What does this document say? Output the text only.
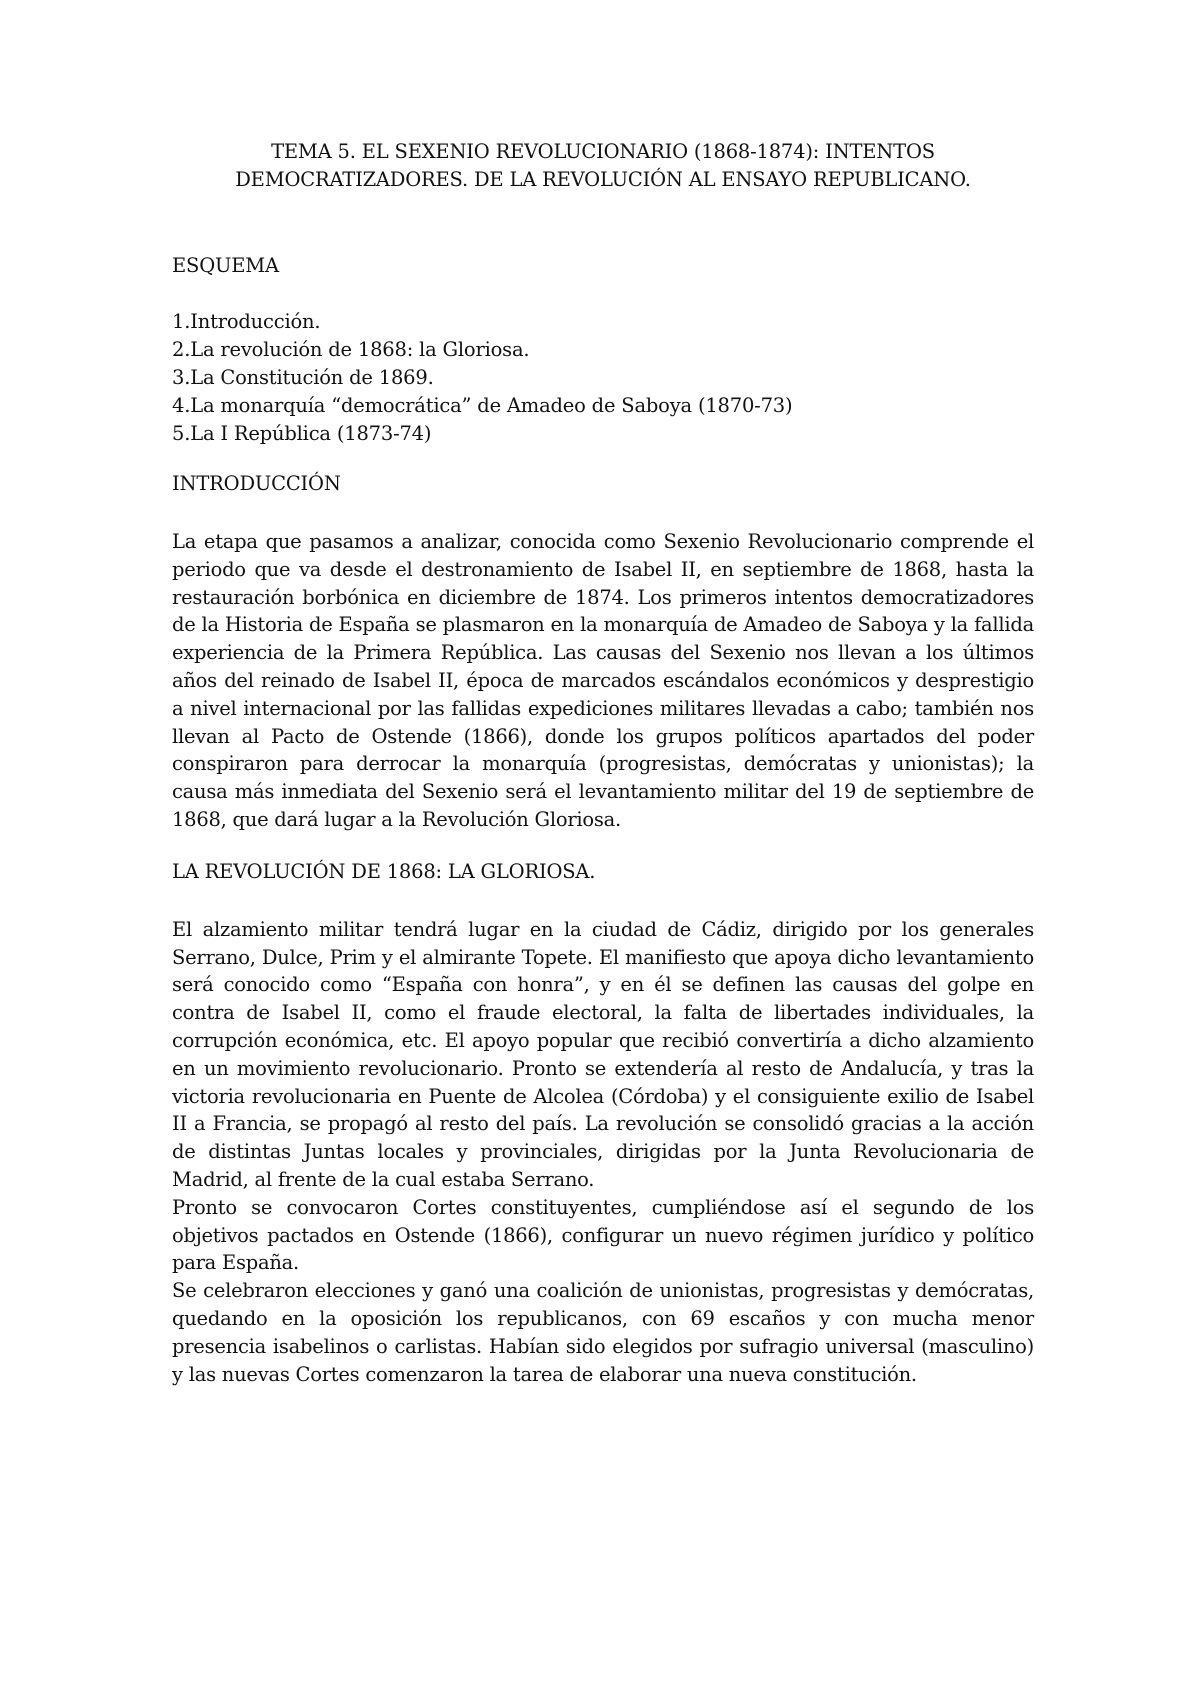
TEMA 5. EL SEXENIO REVOLUCIONARIO (1868-1874): INTENTOS
DEMOCRATIZADORES. DE LA REVOLUCIÓN AL ENSAYO REPUBLICANO.
ESQUEMA
1.Introducción.
2.La revolución de 1868: la Gloriosa.
3.La Constitución de 1869.
4.La monarquía “democrática” de Amadeo de Saboya (1870-73)
5.La I República (1873-74)
INTRODUCCIÓN

La etapa que pasamos a analizar, conocida como Sexenio Revolucionario comprende el periodo que va desde el destronamiento de Isabel II, en septiembre de 1868, hasta la restauración borbónica en diciembre de 1874. Los primeros intentos democratizadores de la Historia de España se plasmaron en la monarquía de Amadeo de Saboya y la fallida experiencia de la Primera República. Las causas del Sexenio nos llevan a los últimos años del reinado de Isabel II, época de marcados escándalos económicos y desprestigio a nivel internacional por las fallidas expediciones militares llevadas a cabo; también nos llevan al Pacto de Ostende (1866), donde los grupos políticos apartados del poder conspiraron para derrocar la monarquía (progresistas, demócratas y unionistas); la causa más inmediata del Sexenio será el levantamiento militar del 19 de septiembre de 1868, que dará lugar a la Revolución Gloriosa.

LA REVOLUCIÓN DE 1868: LA GLORIOSA.

El alzamiento militar tendrá lugar en la ciudad de Cádiz, dirigido por los generales Serrano, Dulce, Prim y el almirante Topete. El manifiesto que apoya dicho levantamiento será conocido como “España con honra”, y en él se definen las causas del golpe en contra de Isabel II, como el fraude electoral, la falta de libertades individuales, la corrupción económica, etc. El apoyo popular que recibió convertiría a dicho alzamiento en un movimiento revolucionario. Pronto se extendería al resto de Andalucía, y tras la victoria revolucionaria en Puente de Alcolea (Córdoba) y el consiguiente exilio de Isabel II a Francia, se propagó al resto del país. La revolución se consolidó gracias a la acción de distintas Juntas locales y provinciales, dirigidas por la Junta Revolucionaria de Madrid, al frente de la cual estaba Serrano.

Pronto se convocaron Cortes constituyentes, cumpliéndose así el segundo de los objetivos pactados en Ostende (1866), configurar un nuevo régimen jurídico y político para España.

Se celebraron elecciones y ganó una coalición de unionistas, progresistas y demócratas, quedando en la oposición los republicanos, con 69 escaños y con mucha menor presencia isabelinos o carlistas. Habían sido elegidos por sufragio universal (masculino) y las nuevas Cortes comenzaron la tarea de elaborar una nueva constitución.
